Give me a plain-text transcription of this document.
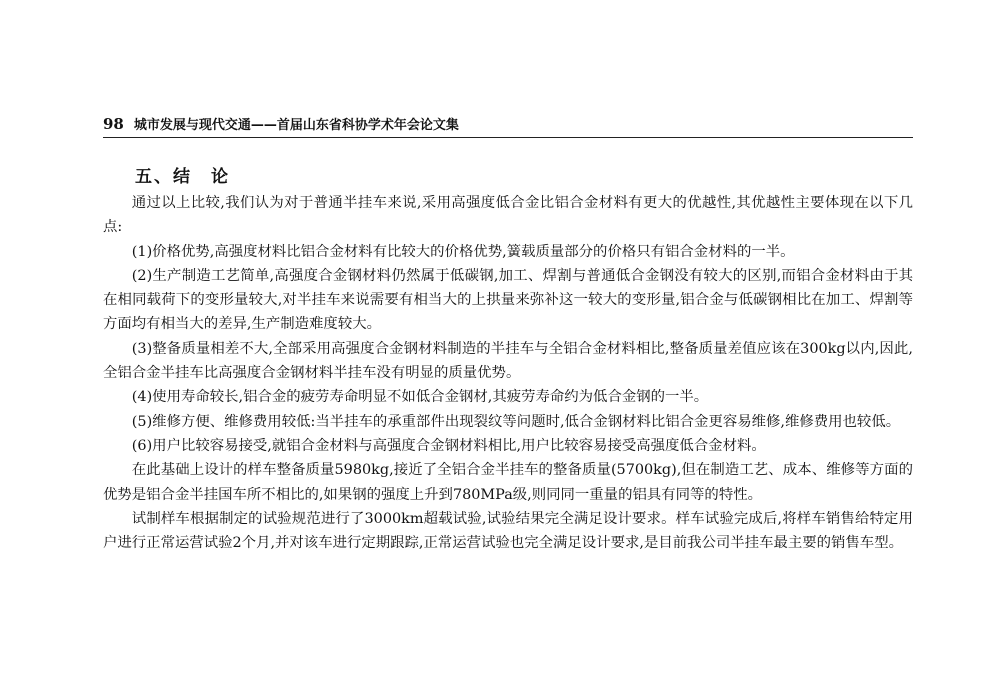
98 城市发展与现代交通——首届山东省科协学术年会论文集
五、结　论

通过以上比较,我们认为对于普通半挂车来说,采用高强度低合金比铝合金材料有更大的优越性,其优越性主要体现在以下几点:

(1)价格优势,高强度材料比铝合金材料有比较大的价格优势,簧载质量部分的价格只有铝合金材料的一半。

(2)生产制造工艺简单,高强度合金钢材料仍然属于低碳钢,加工、焊割与普通低合金钢没有较大的区别,而铝合金材料由于其在相同载荷下的变形量较大,对半挂车来说需要有相当大的上拱量来弥补这一较大的变形量,铝合金与低碳钢相比在加工、焊割等方面均有相当大的差异,生产制造难度较大。

(3)整备质量相差不大,全部采用高强度合金钢材料制造的半挂车与全铝合金材料相比,整备质量差值应该在300kg以内,因此,全铝合金半挂车比高强度合金钢材料半挂车没有明显的质量优势。

(4)使用寿命较长,铝合金的疲劳寿命明显不如低合金钢材,其疲劳寿命约为低合金钢的一半。

(5)维修方便、维修费用较低:当半挂车的承重部件出现裂纹等问题时,低合金钢材料比铝合金更容易维修,维修费用也较低。

(6)用户比较容易接受,就铝合金材料与高强度合金钢材料相比,用户比较容易接受高强度低合金材料。

在此基础上设计的样车整备质量5980kg,接近了全铝合金半挂车的整备质量(5700kg),但在制造工艺、成本、维修等方面的优势是铝合金半挂国车所不相比的,如果钢的强度上升到780MPa级,则同同一重量的铝具有同等的特性。

试制样车根据制定的试验规范进行了3000km超载试验,试验结果完全满足设计要求。样车试验完成后,将样车销售给特定用户进行正常运营试验2个月,并对该车进行定期跟踪,正常运营试验也完全满足设计要求,是目前我公司半挂车最主要的销售车型。
